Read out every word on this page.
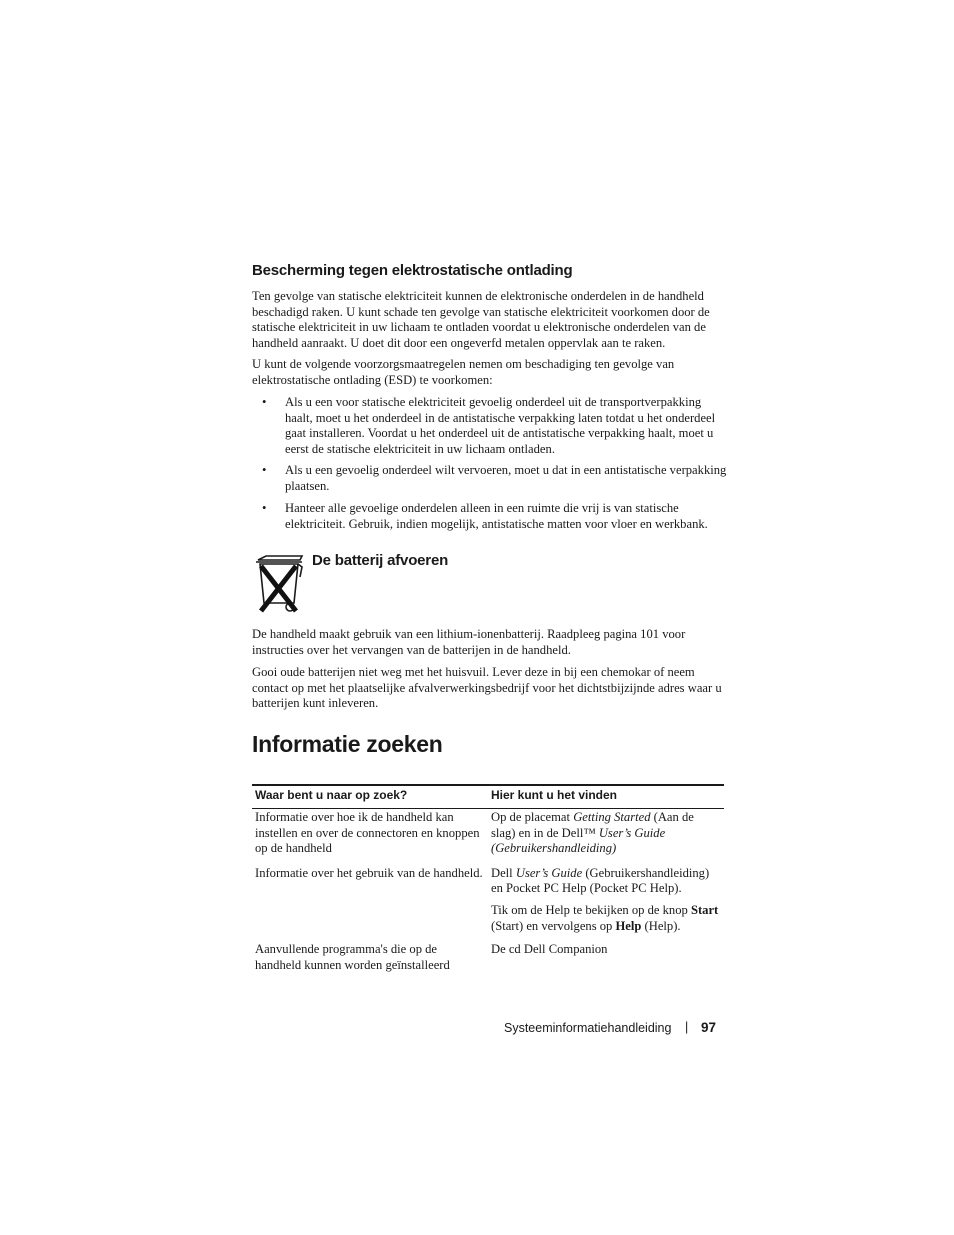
Bescherming tegen elektrostatische ontlading

Ten gevolge van statische elektriciteit kunnen de elektronische onderdelen in de handheld beschadigd raken. U kunt schade ten gevolge van statische elektriciteit voorkomen door de statische elektriciteit in uw lichaam te ontladen voordat u elektronische onderdelen van de handheld aanraakt. U doet dit door een ongeverfd metalen oppervlak aan te raken.

U kunt de volgende voorzorgsmaatregelen nemen om beschadiging ten gevolge van elektrostatische ontlading (ESD) te voorkomen:

• Als u een voor statische elektriciteit gevoelig onderdeel uit de transportverpakking haalt, moet u het onderdeel in de antistatische verpakking laten totdat u het onderdeel gaat installeren. Voordat u het onderdeel uit de antistatische verpakking haalt, moet u eerst de statische elektriciteit in uw lichaam ontladen.

• Als u een gevoelig onderdeel wilt vervoeren, moet u dat in een antistatische verpakking plaatsen.

• Hanteer alle gevoelige onderdelen alleen in een ruimte die vrij is van statische elektriciteit. Gebruik, indien mogelijk, antistatische matten voor vloer en werkbank.

De batterij afvoeren

De handheld maakt gebruik van een lithium-ionenbatterij. Raadpleeg pagina 101 voor instructies over het vervangen van de batterijen in de handheld.

Gooi oude batterijen niet weg met het huisvuil. Lever deze in bij een chemokar of neem contact op met het plaatselijke afvalverwerkingsbedrijf voor het dichtstbijzijnde adres waar u batterijen kunt inleveren.

Informatie zoeken
Waar bent u naar op zoek?	Hier kunt u het vinden
Informatie over hoe ik de handheld kan instellen en over de connectoren en knoppen op de handheld	Op de placemat Getting Started (Aan de slag) en in de Dell™ User’s Guide (Gebruikershandleiding)
Informatie over het gebruik van de handheld.	Dell User’s Guide (Gebruikershandleiding) en Pocket PC Help (Pocket PC Help).
Tik om de Help te bekijken op de knop Start (Start) en vervolgens op Help (Help).

Aanvullende programma's die op de handheld kunnen worden geïnstalleerd	De cd Dell Companion
Systeeminformatiehandleiding | 97
